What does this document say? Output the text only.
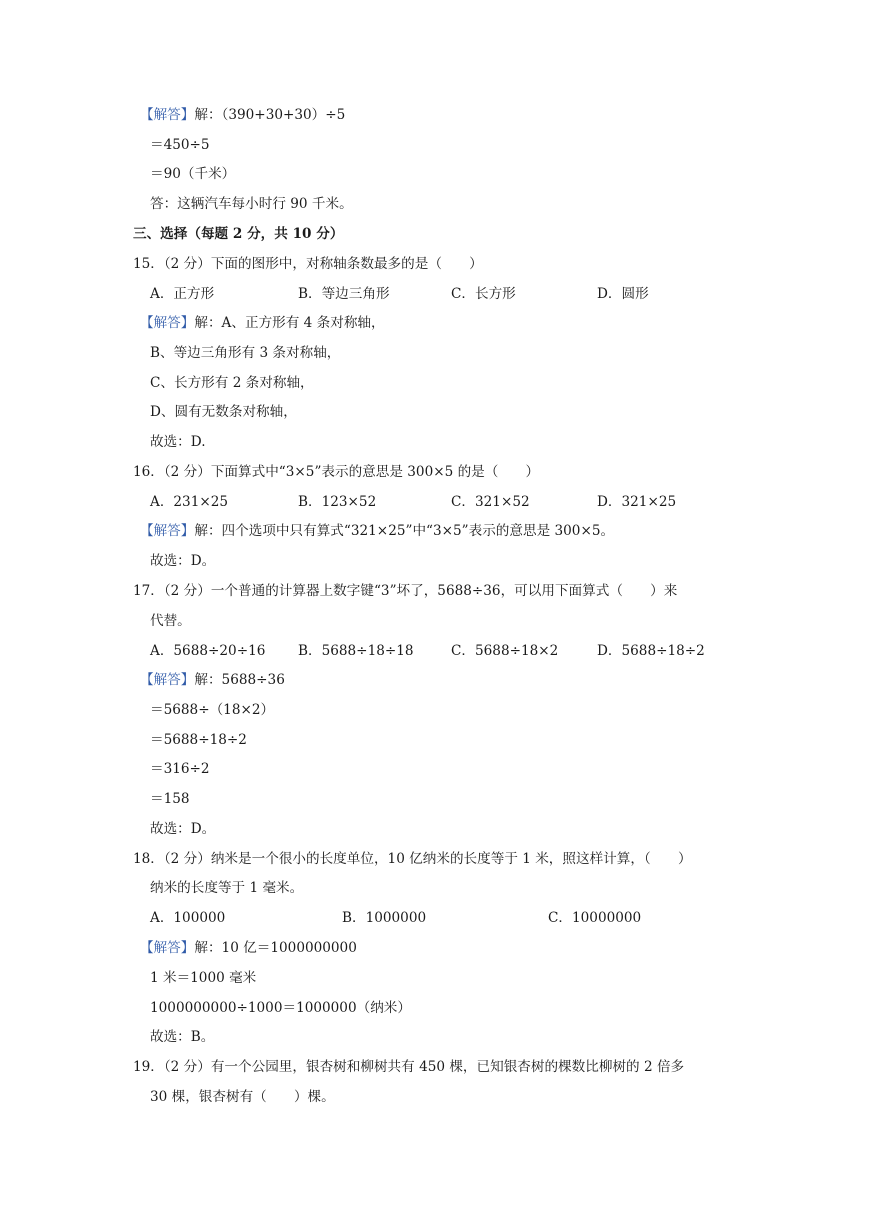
【解答】解：（390+30+30）÷5
＝450÷5
＝90（千米）
答：这辆汽车每小时行 90 千米。
三、选择（每题 2 分，共 10 分）
15．（2 分）下面的图形中，对称轴条数最多的是（　　）
A．正方形	B．等边三角形	C．长方形	D．圆形
【解答】解：A、正方形有 4 条对称轴，
B、等边三角形有 3 条对称轴，
C、长方形有 2 条对称轴，
D、圆有无数条对称轴，
故选：D.
16．（2 分）下面算式中“3×5”表示的意思是 300×5 的是（　　）
A．231×25	B．123×52	C．321×52	D．321×25
【解答】解：四个选项中只有算式“321×25”中“3×5”表示的意思是 300×5。
故选：D。
17．（2 分）一个普通的计算器上数字键“3”坏了，5688÷36，可以用下面算式（　　）来
代替。
A．5688÷20÷16 B．5688÷18÷18	C．5688÷18×2	D．5688÷18÷2
【解答】解：5688÷36
＝5688÷（18×2）
＝5688÷18÷2
＝316÷2
＝158
故选：D。
18．（2 分）纳米是一个很小的长度单位，10 亿纳米的长度等于 1 米，照这样计算，（　　）
纳米的长度等于 1 毫米。
A．100000	B．1000000	C．10000000
【解答】解：10 亿＝1000000000
1 米＝1000 毫米
1000000000÷1000＝1000000（纳米）
故选：B。
19．（2 分）有一个公园里，银杏树和柳树共有 450 棵，已知银杏树的棵数比柳树的 2 倍多
30 棵，银杏树有（　　）棵。
